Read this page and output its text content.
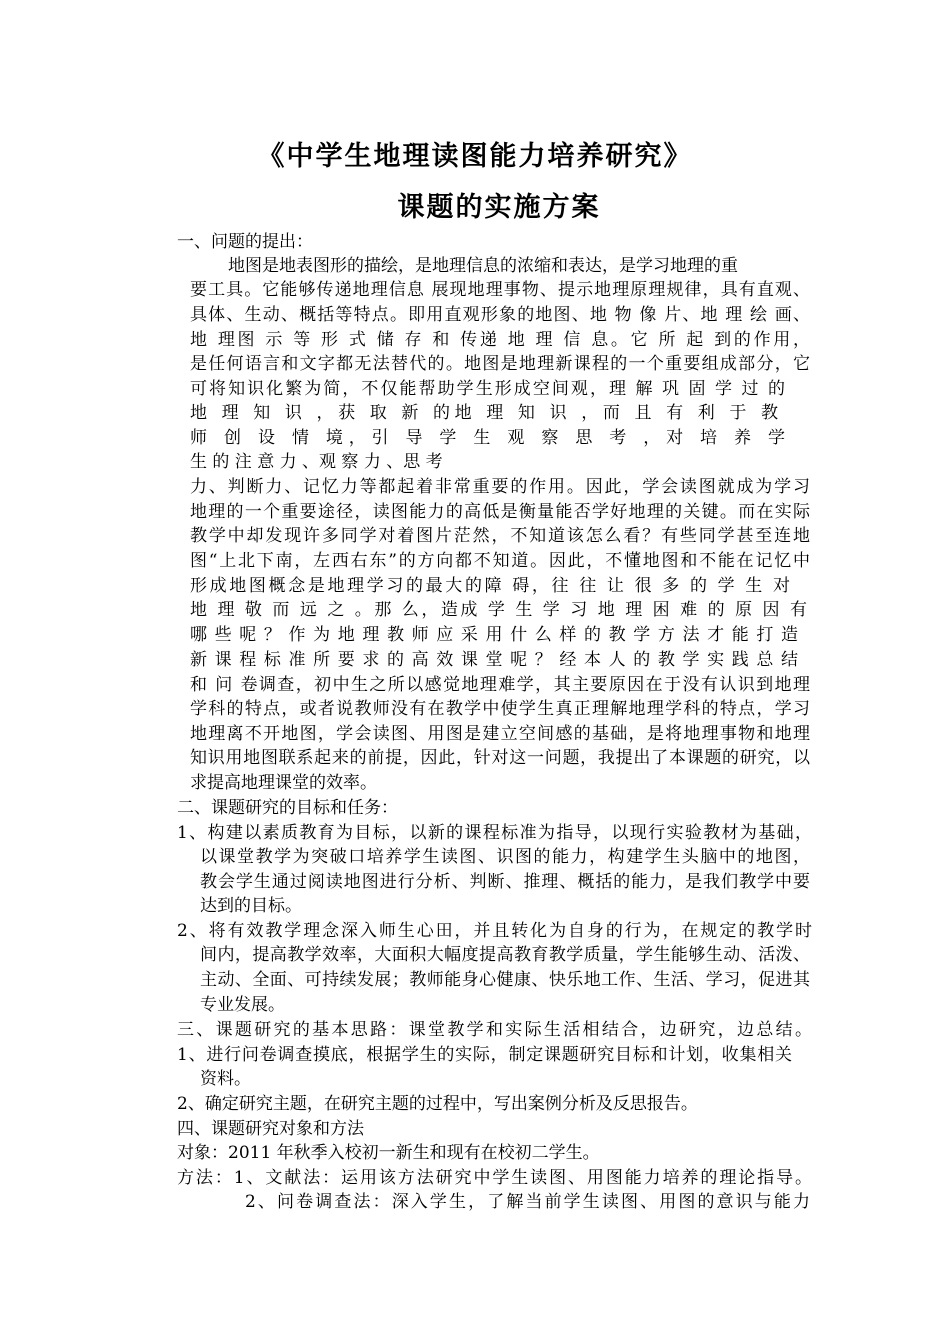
《中学生地理读图能力培养研究》
课题的实施方案
一、问题的提出：
地图是地表图形的描绘，是地理信息的浓缩和表达，是学习地理的重
要工具。它能够传递地理信息 展现地理事物、提示地理原理规律，具有直观、
具体、生动、概括等特点。即用直观形象的地图、地 物 像 片、地 理 绘 画、
地 理图 示 等 形 式 储 存 和 传递 地 理 信 息。它 所 起 到的作用，
是任何语言和文字都无法替代的。地图是地理新课程的一个重要组成部分，它
可将知识化繁为简，不仅能帮助学生形成空间观，理 解 巩 固 学 过 的
地 理 知 识 ，获 取 新 的地 理 知 识 ，而 且 有 利 于 教
师 创 设 情 境，引 导 学 生 观 察 思 考 ，对 培 养 学
生 的 注 意 力 、观 察 力 、思 考
力、判断力、记忆力等都起着非常重要的作用。因此，学会读图就成为学习
地理的一个重要途径，读图能力的高低是衡量能否学好地理的关键。而在实际
教学中却发现许多同学对着图片茫然，不知道该怎么看？有些同学甚至连地
图“上北下南，左西右东”的方向都不知道。因此，不懂地图和不能在记忆中
形成地图概念是地理学习的最大的障 碍，往 往 让 很 多 的 学 生 对
地 理 敬 而 远 之 。那 么，造成 学 生 学 习 地 理 困 难 的 原 因 有
哪 些 呢 ？ 作 为 地 理 教 师 应 采 用 什 么 样 的 教 学 方 法 才 能 打 造
新 课 程 标 准 所 要 求 的 高 效 课 堂 呢 ？ 经 本 人 的 教 学 实 践 总 结
和 问 卷调查，初中生之所以感觉地理难学，其主要原因在于没有认识到地理
学科的特点，或者说教师没有在教学中使学生真正理解地理学科的特点，学习
地理离不开地图，学会读图、用图是建立空间感的基础，是将地理事物和地理
知识用地图联系起来的前提，因此，针对这一问题，我提出了本课题的研究，以
求提高地理课堂的效率。
二、课题研究的目标和任务：
1、构建以素质教育为目标，以新的课程标准为指导，以现行实验教材为基础，
以课堂教学为突破口培养学生读图、识图的能力，构建学生头脑中的地图，
教会学生通过阅读地图进行分析、判断、推理、概括的能力，是我们教学中要
达到的目标。
2、将有效教学理念深入师生心田，并且转化为自身的行为，在规定的教学时
间内，提高教学效率，大面积大幅度提高教育教学质量，学生能够生动、活泼、
主动、全面、可持续发展；教师能身心健康、快乐地工作、生活、学习，促进其
专业发展。
三、课题研究的基本思路：课堂教学和实际生活相结合，边研究，边总结。
1、进行问卷调查摸底，根据学生的实际，制定课题研究目标和计划，收集相关
资料。
2、确定研究主题，在研究主题的过程中，写出案例分析及反思报告。
四、课题研究对象和方法
对象：2011 年秋季入校初一新生和现有在校初二学生。
方法：1、文献法：运用该方法研究中学生读图、用图能力培养的理论指导。
2、问卷调查法：深入学生，了解当前学生读图、用图的意识与能力
